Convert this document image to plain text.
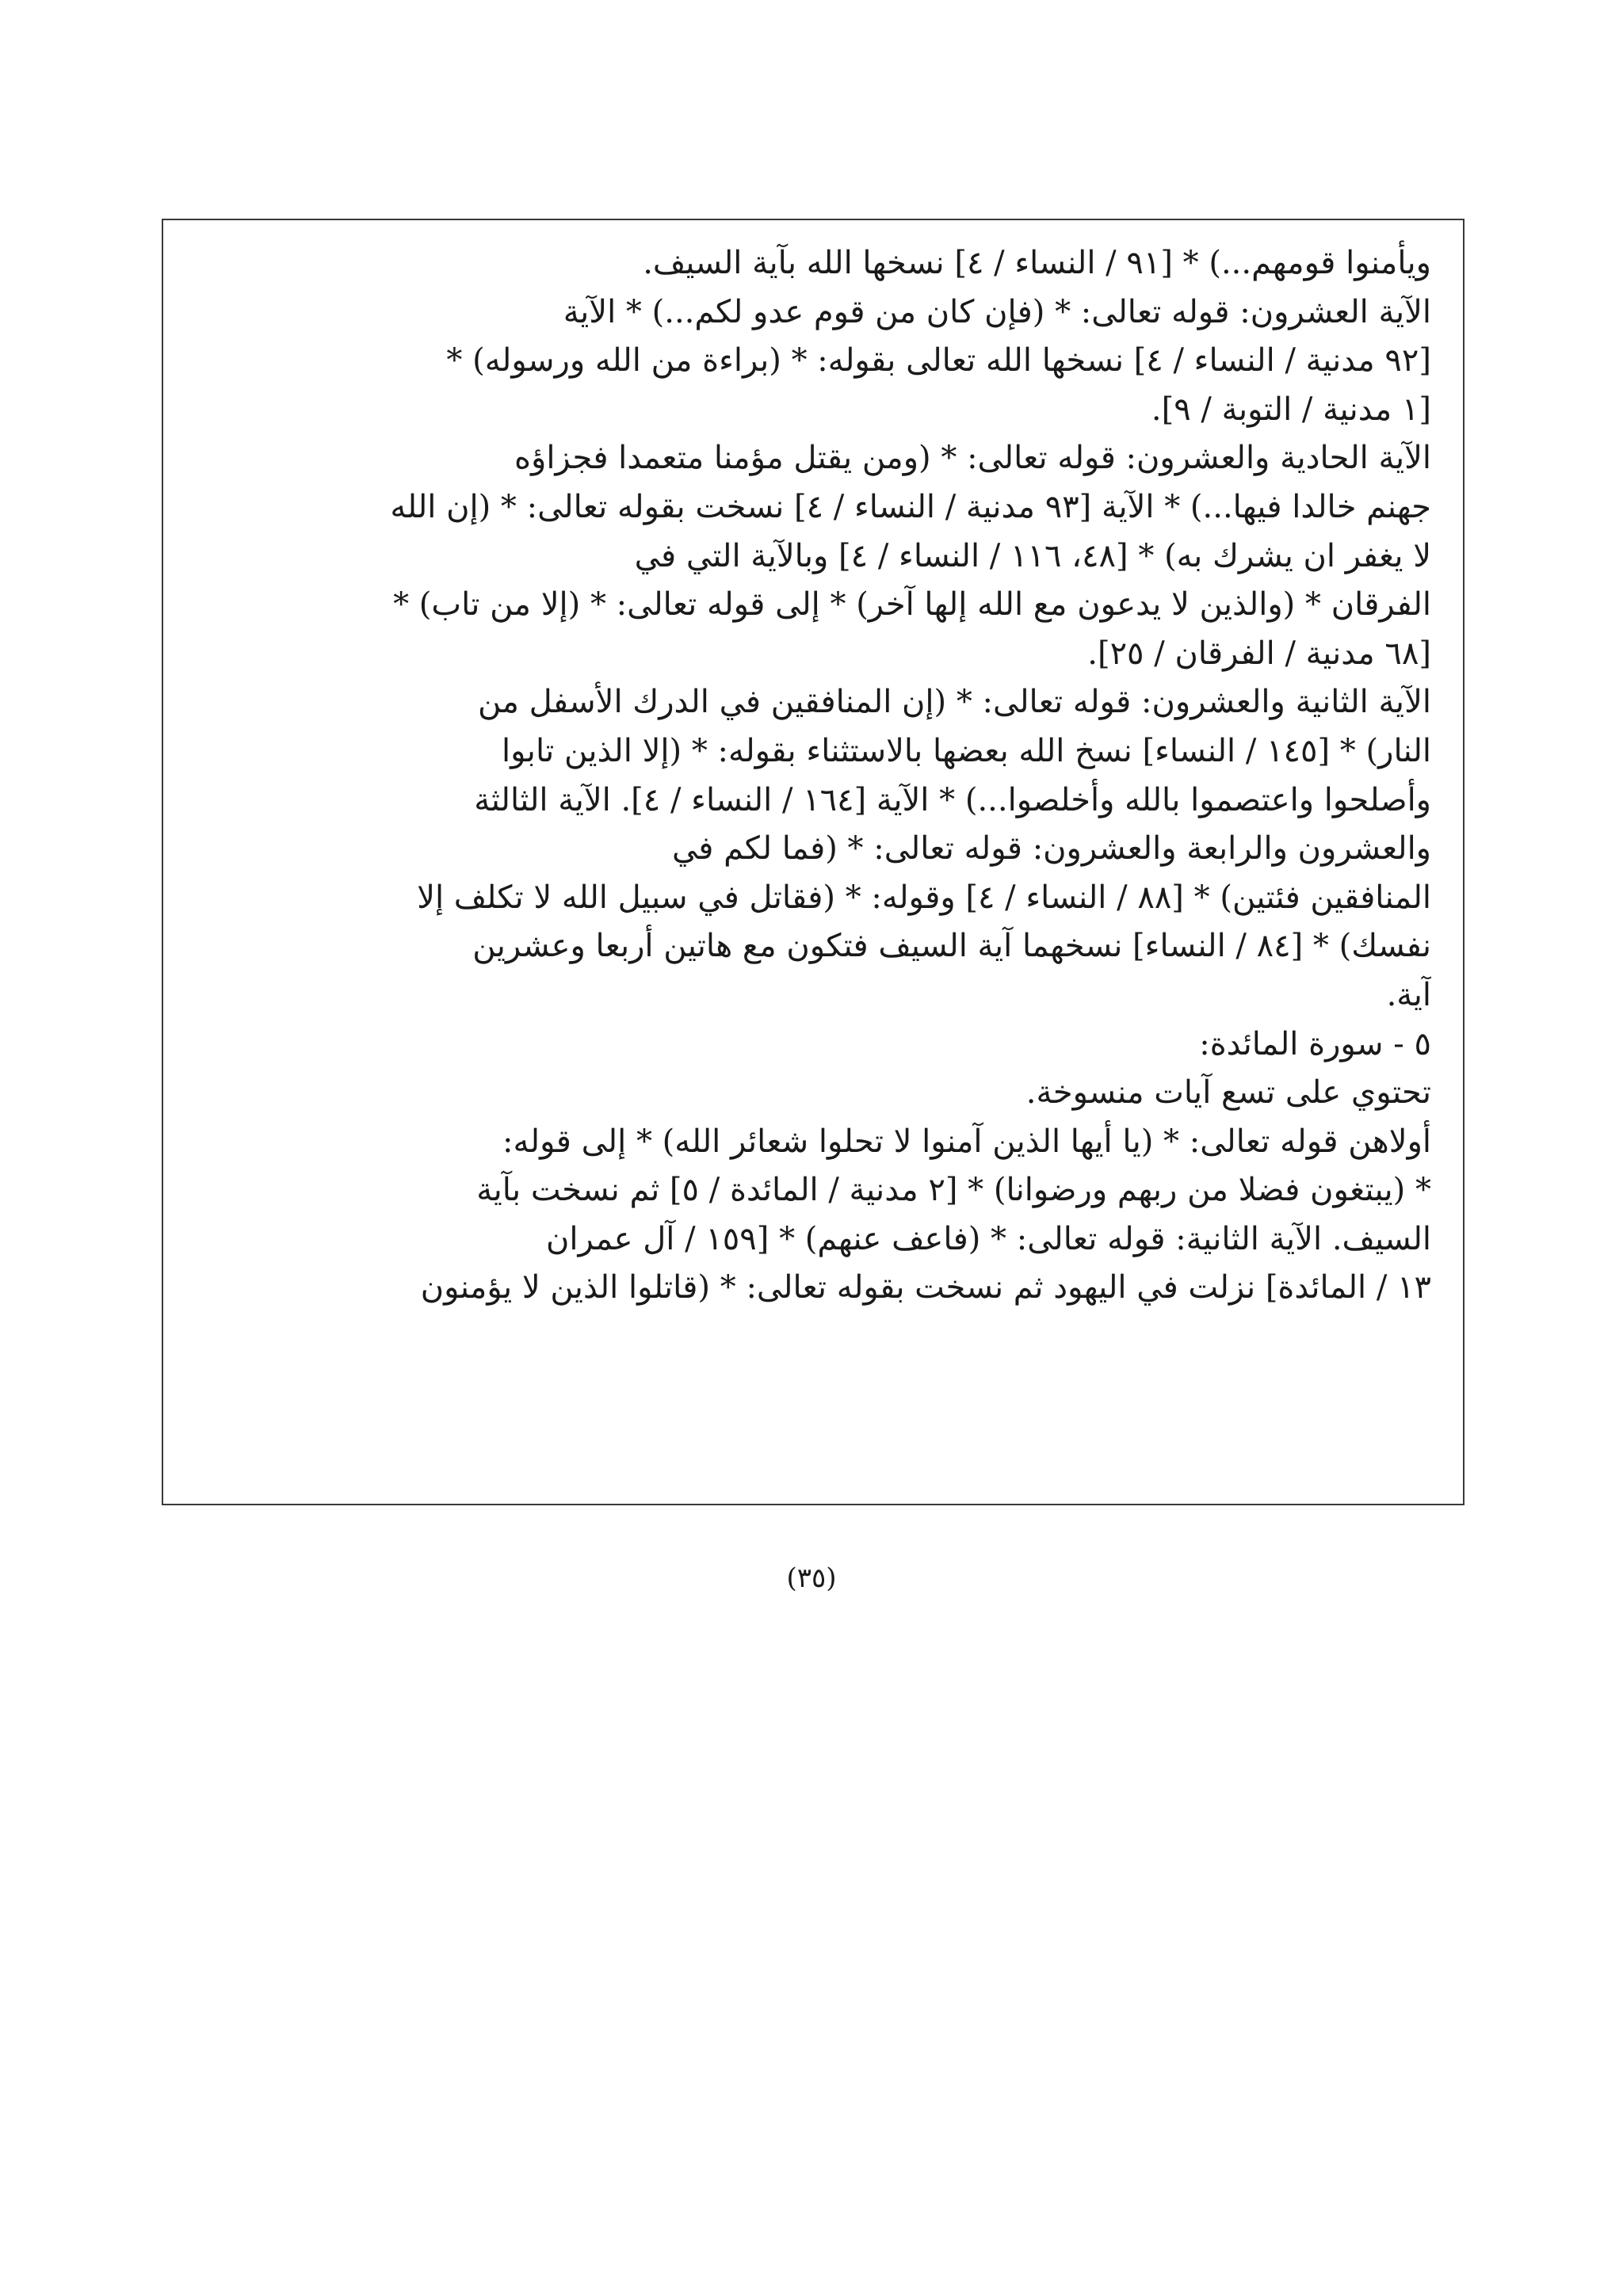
ويأمنوا قومهم...) * [٩١ / النساء / ٤] نسخها الله بآية السيف.
الآية العشرون: قوله تعالى: * (فإن كان من قوم عدو لكم...) * الآية
[٩٢ مدنية / النساء / ٤] نسخها الله تعالى بقوله: * (براءة من الله ورسوله) *
[١ مدنية / التوبة / ٩].
الآية الحادية والعشرون: قوله تعالى: * (ومن يقتل مؤمنا متعمدا فجزاؤه
جهنم خالدا فيها...) * الآية [٩٣ مدنية / النساء / ٤] نسخت بقوله تعالى: * (إن الله
لا يغفر ان يشرك به) * [٤٨، ١١٦ / النساء / ٤] وبالآية التي في
الفرقان * (والذين لا يدعون مع الله إلها آخر) * إلى قوله تعالى: * (إلا من تاب) *
[٦٨ مدنية / الفرقان / ٢٥].
الآية الثانية والعشرون: قوله تعالى: * (إن المنافقين في الدرك الأسفل من
النار) * [١٤٥ / النساء] نسخ الله بعضها بالاستثناء بقوله: * (إلا الذين تابوا
وأصلحوا واعتصموا بالله وأخلصوا...) * الآية [١٦٤ / النساء / ٤]. الآية الثالثة
والعشرون والرابعة والعشرون: قوله تعالى: * (فما لكم في
المنافقين فئتين) * [٨٨ / النساء / ٤] وقوله: * (فقاتل في سبيل الله لا تكلف إلا
نفسك) * [٨٤ / النساء] نسخهما آية السيف فتكون مع هاتين أربعا وعشرين
آية.
٥ - سورة المائدة:
تحتوي على تسع آيات منسوخة.
أولاهن قوله تعالى: * (يا أيها الذين آمنوا لا تحلوا شعائر الله) * إلى قوله:
* (يبتغون فضلا من ربهم ورضوانا) * [٢ مدنية / المائدة / ٥] ثم نسخت بآية
السيف. الآية الثانية: قوله تعالى: * (فاعف عنهم) * [١٥٩ / آل عمران
١٣ / المائدة] نزلت في اليهود ثم نسخت بقوله تعالى: * (قاتلوا الذين لا يؤمنون
(٣٥)
